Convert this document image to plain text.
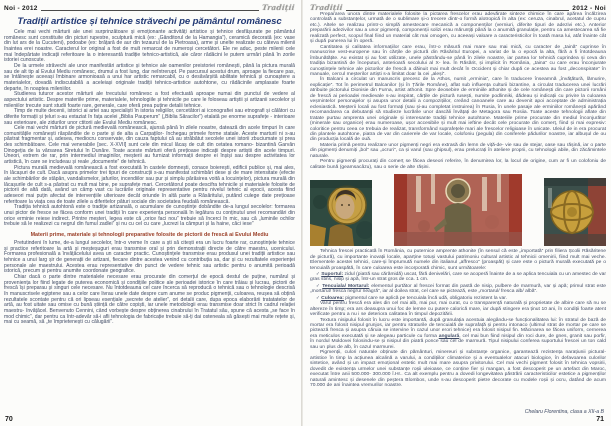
Noi - 2012	Tradiții
Tradiții artistice și tehnice străvechi pe pământul românesc

Cele mai vechi mărturii ale unei surprinzătoare și emoționante activități artistice și tehnice desfășurate pe pământul românesc sunt constituite din picturi rupestre, sculptură mică (ex: „Gânditorul de la Hamangia”), ceramică decorată (ex: vase din lut ars de la Cucuteni), podoabe (ex: brățară de aur din tezaurul de la Pietroasa), arme și unelte realizate cu câteva milenii înaintea erei noastre. Caracterul lor original a fost de mult remarcat de numeroși cercetători. Ele ne aduc, peste milenii cele mai îndepărtate indicații referitoare la o interesantă tradiție tehnico-artistică, ale căror rădăcini le putem urmări până în zorile istoriei cunoscute.

De la urmele străvechi ale unor manifestări artistice și tehnice ale oamenilor preistoriei românești, până la pictura murală sau de alt tip al Evului Mediu românesc, drumul a fost lung, dar neîntrerupt. Pe parcursul acestui drum, aproape la fiecare pas, se întâlnește aceeași îmbinare armonioasă a unui har artistic remarcabil, cu o desăvârșită abilitate tehnică și cunoaștere a materialelor, dovadă indiscutabilă a aceleiași originale tradiții tehnico-artistice autohtone, cu rădăcinile amplasate foarte departe, în noaptea mileniilor.

Studierea tuturor acestor mărturii ale trecutului românesc a fost efectuată aproape numai din punctul de vedere al aspectului artistic. Despre materiile prime, materialele, tehnologiile și tehnicile pe care le foloseau artiștii și artizanii secolelor și mileniilor trecute sunt studii foarte rare, generale, care oferă prea puține detalii tehnice.

Timp de multe decenii, istorici ai artei sau specialiști în istoria religiilor, cercetători ai iconografiei sau etnografi și călători cu diferite formații și țeluri s-au extaziat în fața acelei „Biblia Pauperum” („Biblia Săracilor”) etalată pe enorme suprafețe - interioare sau exterioare, ale zidurilor unor ctitorii ale Evului Mediu românesc.

Cele mai vechi mărturii de pictură medievală românească, ajunsă până în zilele noastre, datează din acele timpuri în care comunitățile românești răspândite de o parte și de alta a Carpaților- închegau primele forme statale. Aceste marturii ni s-au păstrat fragmentar și, adesea, mediocru conservate, din cauza faptului că au străbătut secolele unei istorii zbuciumate și prea des schimbătoare. Cele mai venerabile [sec. X-XVII] sunt cele din micul lăcaș de cult din cetatea romano- bizantină Garvăn Dinogeția de la vărsarea Siretului în Dunăre. Toate aceste mărturii oferă prețioase indicații despre artiștii din acele timpuri. Uneori, extrem de rar, prin intermediul imaginilor, meșterii au furnizat informații despre ei înșiși sau despre activitatea lor artistică, în care se includeau și reale „documente” de tehnică.

Pictura murală medievală românească a fost executată în castele domnești, conace boierești, edificii publice și, mai ales, în lăcașuri de cult. Dacă asupra primelor trei tipuri de construcții s-au manifestat schimbări dese și de mare intensitate (efecte ale schimbărilor de stăpân, vandalismelor, jafurilor, incendiilor sau pur și simplu părăsirea voită a locuințelor), pictura murală din lăcașurile de cult s-a păstrat cu mult mai bine, pe suprafețe mari. Cercetătorul poate descifra tehnicile și materialele folosite de pictorii de altă dată, având un câmp vast cu lucrările originale representative pentru nivelul tehnic al epocii, acesta fiind adeseori mai puțin afectat de intervențiile ulterioare decât oriunde în altă parte a Răsăritului, putând culege date prețioase referitoare la viața cea de toate zilele a diferitelor pături sociale din societatea feudală românească.

Tradiția tehnică autohtonă este o tradiție artizanală, o acumulare de cunoștințe dobândite de-a lungul secolelor: formarea unui pictor de fresce se făcea conform unei tradiții în care experiența personală în legătura cu conținutul unei recomandări din orice erminie reiese indirect. Printre meșteri, legea este că „orice faci nou” trebuie să încerci în mic, sau că „luminile ochilor trebuie să le realizezi cu negrul din fumul zadlei” și nu cu cel cu care „lucrezi la câmpuri și la haine, căci iese”

Materii prime, materiale și tehnologii preparative folosite de pictorii de frescă ai Evului Mediu

Pretutindeni în lume, de-a lungul secolelor, într-o vreme în care a ști să citești era un lucru foarte rar, cunoștințele tehnice și practice referitoare la artă și meșteșuguri erau transmise oral și prin demonstrații directe de către maestru, ucenicului. Formarea profesională a învățăcelului avea un caracter practic. Cunoștințele transmise erau produsul unei tradiții artistice sau tehnice a unui larg șir de generații de artizani, fiecare dintre acestea venind cu contribuția sa, dar și cu rezultatele experienței personale ale maestrului. Acestea erau representative din punct de vedere tehnic sau artistic pentru o anumită perioadă istorică, precum și pentru anumite coordonate geografice.

Chiar dacă o parte dintre materialele necesare erau procurate din comerțul de epocă destul de puține, numărul și proveniența lor fiind legate de puterea economică și condițiile politice ale perioadei istorice în care trăiau și lucrau, pictorii de frescă își preparau și singuri cele necesare. Nu întotdeauna cel care încerca să reproducă o tehnică sau o tehnologie descrisă în manuscrisele egiptene sau a celor care livrau unele date despre cum anume se produc pigmenții, culoarea, reușea să obțină rezultatele scontate pentru că ori lipseau esențiale „secrete de atelier”, ori detalii care, dupa epoca elaborării tratatatelor de artă, au fost uitate sau omise cu bună știință de către copiști, iar unele metodologii erau transmise doar strict în cadrul relației maestru- învățăcel. Benvenuto Cennini, când vorbește despre obținerea cinabrului în Tratatul său, spune că acesta „se face în mod chimic”, dar pentru ca într-adevăr să-i afli tehnologia de fabricație trebuie să-ți dai osteneala să găsești mai multe rețete și, mai cu seamă, să „te împrietenești cu călugării”.

70
Tradiții	2012 - Noi

Prepararea unora dintre materialele folosite la pictarea frescelor erau adevărate sinteze chimice în care apărea încălzirea controlată a substanțelor, urmată de o sublimare și-o trecere dintr-o formă alotropică în alta (ex: ceruza, cinabrul, acetatul de cupru etc.). Altele se realizau printr-o simplă amestecare mecanică a componenților (verniuri, diferite tipuri de adezivi etc.). Anterior preparării adezivilor sau a unor pigmenți, componenții solizi erau mărunțiți până la o anumită granulație, pentru ca amestecarea să fie realizată perfect, scopul final fiind un material cât mai omogen, cu aceeași valoare a caracteristicilor în toată masa lui, atât înainte cât și după punerea lui în operă.

Cantitatea și calitatea informațiilor care erau, într-o măsură mai mare sau mai mică, cu caracter de „taină” cuprinse în manuscrise vest-europene sau în cărțile de pictură din Răsăritul Europei, a variat de la o epocă la alta, fără a fi întotdeauna îmbunătățite. Au existat și au fost utilizate, unele păstrându-se până în zilele noastre, iar partea lor tehnică cuprindea și ceva din tradiția bizantină de începuturi, anterioară secolului al X- lea. În Răsărit, și implicit în România, „taina” cu care erau înconjurate cunoștințele tehnice ale pictorilor de frescă a dăinuit mai mult decât în Occident și chiar după ce acestea au fost „deconspirate” în manuale, cercul meșterilor artiști s-a limitat doar la cei „aleși”.

În Balcani a circulat un manuscris grecesc de la Athos, numit „erminia”, care în traducere înseamnă „învățătură, lămurire, explicație”. Tot în perimetrul Balcanilor (și în Țările Române), aflat sub influența culturii bizantine, a circulat traducerea unei lucrări atribuite pictorului Dionisie din Furna, artist athonit. Spre deosebire de erminiile athonite și de cele românești din care pictorii români de frescă ai perioadei medievale s-au inspirat, cărțile de pictură rusești, numite podlinniki, dădeau și indicații cu privire la culoarea veșmintelor personajelor și asupra unor detalii a compozițiilor, creând canoanele care au devenit apoi acceptate de administrația eclesiastică. Meșterii locali au fost formați (sau și-au completat instruirea) în Rusia, în unele pasaje ale erminiilor românești apărând recomandarea ca debutanții să studieze lucrările unor dascăli învățați de Metagora sau Rosiia. Toate aceste tehnologii aflate din tratate purtau amprenta unei originale și interesante tradiții tehnice autohtone. Materiile prime procurate din mediul înconjurător (minerale sau organice) erau numeroase, ușor accesibile și mult mai ieftine decât cele procurate din comerț, fiind și mai expresiv: coloritice pentru ceea ce trebuia de realizat, transformând suprafețele mari ale frescelor religioase în unicate. Uleiul de in era procurat din plantele autohtone, piatra de var din carierele de var locale, colofoniu (pegula) din coniferele pădurilor noastre, iar albușul de ou din producția locală de ouă.

Materia primă pentru realizare unor pigmenți negri era extrasă din lemn de viță-de- vie sau de stejar, oase sau rășină, iar o parte din pigmenți denumiți „bol” sau „ocruri”, ca și varul (sau ghipsul), erau prelucrați în ateliere proprii, cu tehnologii abile, din zăcămintele naturale.

Pentru pigmenții procurați din comerț se făcea deseori referire, în denumirea lor, la locul de origine, cum ar fi un colofoniu de calitate bună (geamsacâzu), sau o serie de alte rășini.

Tehnica frescei practicată în România, cu puternice amprente athonite (în sensul că este „importată” prin filiera Școlii Răsăritene de pictură), cu importante inovații locale, aparține totuși vastului patrimoniu cultural artistic al tehnicii omenirii, fiind mult mai veche. Elementele acestei tehnici, care-și împrumută numele din italianul „affresco” (proaspăt) și care este o pictură murală executată pe o tencuială proaspătă, în care culoarea este incorporată chimic, sunt următoarele:

✓ Suportul: zidul (piatră sau cărămidă) uscat, fără denivelări, care se acoperă înainte de a se aplica tencuiala cu un amestec de var gras stins, nisip și apă, într-un strat gros de cca. 1 cm.

✓ Tencuiala/ Mortarul: elementul purtător al frescei format din pastă de nisip, pulbere de marmură, var și apă; primul strat este „mortarul/ fresca negru/ neagră”, iar al doilea strat, cel care se pictează, este „mortarul/ fresca alb/ albă”.

✓ Culoarea: pigmentul care se aplică pe tencuiala încă udă, obligatoriu rezistent la var.

Varul pentru frescă era ales din cel mai alb, mai pur, mai curat, cu o transparență naturală și proprietate de albire care să nu se altereze în timp; era ars deasupra unui foc de lemne cu putere calorică mare, iar după stingere era ținut 10 ani, în condiții foarte atent verificate pentru a nu i se deteriora calitatea în timpul depozitării.

Textura nisipului folosit în lucru este importantă, după granulația acestuia alegându-se funcționalitatea lui: în stratul de bază de mortar era folosit nisipul grunjos, iar pentru straturile de tencuială de suprafață și pentru intonaco (ultimul strat de mortar pe care se pictează fresca și asupra căruia se intervine în cazul unor erori tehnice) era folosit nisipul fin. Măcinarea se făcea uniform, cernerea era meticulos executată și se alegeau particule cu forma angulară, cel mai bun fiind nisipul din roci dure, de gnes, granit sau porfir, în nordul Moldovei folosindu-se și nisipul din piatră ponce sau cel de marmură. Tipul nisipului conferea suportului frescei un ton cald sau un plus de alb, în cazul marmurei.

Pigmenții, culori naturale obținute din pământuri, minereuri și substanțe organice, garantează rezistența narațiunii pictural- artistice în timp la acțiunea alcalină a varului, a condițiilor climaterice și a eventualelor atacuri biologice, în defavoarea culorilor sintetice, având și un impact emoțional estetic mult mai mare asupra privitorului. Cel mai vechi pigment folosit în tehnica vopsirii, dovedit de existența urmelor unei substanțe roșii uleioase, ce conține fier și mangan, a fost descoperit pe un artefact din Maroc, executat între anii 500.000- 300.000 î.Hr.. Ca alt exemplu pentru a dovedi longevitatea păstrării caracteristicilor estetice a pigmenților naturali amintesc și desenele din peștera Blombos, unde s-au descoperit pietre decorate cu modele roșii și ocru, datând de acum 70.000 de ani înaintea vremurilor noastre.

Chelaru Florentina, clasa a XII-a B
71
